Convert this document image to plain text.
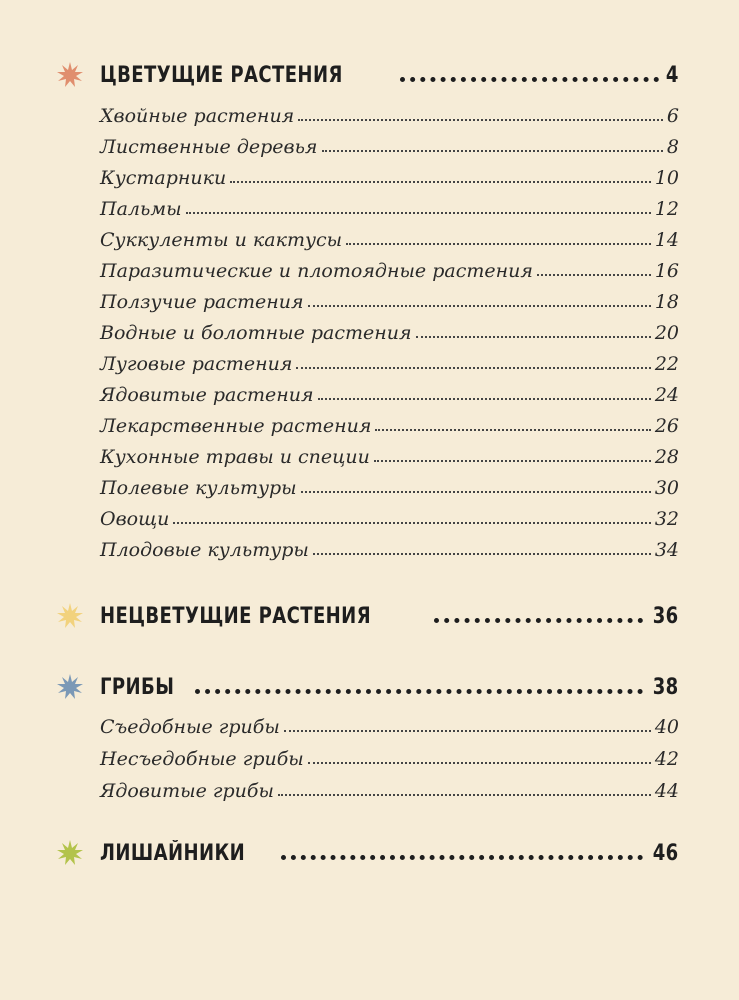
ЦВЕТУЩИЕ РАСТЕНИЯ	4
Хвойные растения	6
Лиственные деревья	8
Кустарники	10
Пальмы	12
Суккуленты и кактусы	14
Паразитические и плотоядные растения	16
Ползучие растения	18
Водные и болотные растения	20
Луговые растения	22
Ядовитые растения	24
Лекарственные растения	26
Кухонные травы и специи	28
Полевые культуры	30
Овощи	32
Плодовые культуры	34
НЕЦВЕТУЩИЕ РАСТЕНИЯ	36
ГРИБЫ	38
Съедобные грибы	40
Несъедобные грибы	42
Ядовитые грибы	44
ЛИШАЙНИКИ	46
